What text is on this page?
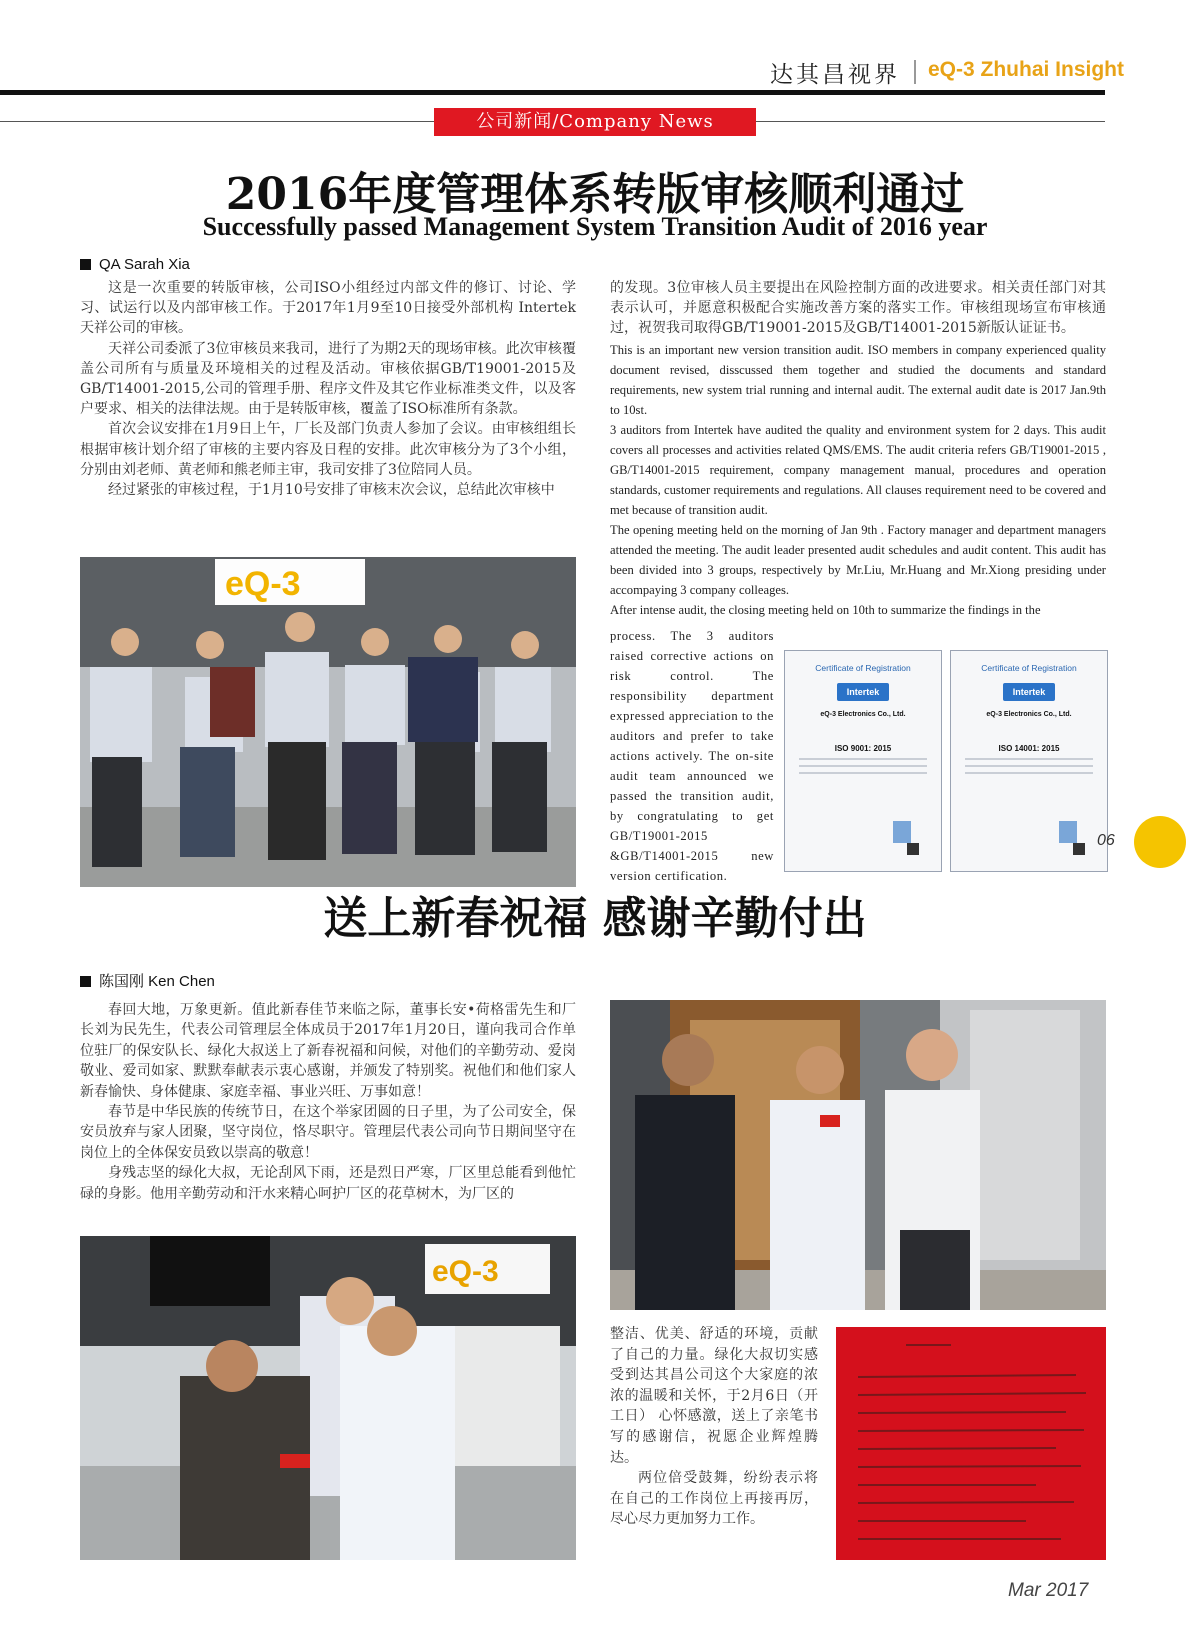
达其昌视界 eQ-3 Zhuhai Insight
公司新闻/Company News
2016年度管理体系转版审核顺利通过
Successfully passed Management System Transition Audit of 2016 year
QA Sarah Xia

这是一次重要的转版审核，公司ISO小组经过内部文件的修订、讨论、学习、试运行以及内部审核工作。于2017年1月9至10日接受外部机构 Intertek 天祥公司的审核。

天祥公司委派了3位审核员来我司，进行了为期2天的现场审核。此次审核覆盖公司所有与质量及环境相关的过程及活动。审核依据GB/T19001-2015及GB/T14001-2015,公司的管理手册、程序文件及其它作业标准类文件，以及客户要求、相关的法律法规。由于是转版审核，覆盖了ISO标准所有条款。

首次会议安排在1月9日上午，厂长及部门负责人参加了会议。由审核组组长根据审核计划介绍了审核的主要内容及日程的安排。此次审核分为了3个小组，分别由刘老师、黄老师和熊老师主审，我司安排了3位陪同人员。

经过紧张的审核过程，于1月10号安排了审核末次会议，总结此次审核中

eQ-3
的发现。3位审核人员主要提出在风险控制方面的改进要求。相关责任部门对其表示认可，并愿意积极配合实施改善方案的落实工作。审核组现场宣布审核通过，祝贺我司取得GB/T19001-2015及GB/T14001-2015新版认证证书。

This is an important new version transition audit. ISO members in company experienced quality document revised, disscussed them together and studied the documents and standard requirements, new system trial running and internal audit. The external audit date is 2017 Jan.9th to 10st.

3 auditors from Intertek have audited the quality and environment system for 2 days. This audit covers all processes and activities related QMS/EMS. The audit criteria refers GB/T19001-2015 , GB/T14001-2015 requirement, company management manual, procedures and operation standards, customer requirements and regulations. All clauses requirement need to be covered and met because of transition audit.

The opening meeting held on the morning of Jan 9th . Factory manager and department managers attended the meeting. The audit leader presented audit schedules and audit content. This audit has been divided into 3 groups, respectively by Mr.Liu, Mr.Huang and Mr.Xiong presiding under accompaying 3 company colleages.

After intense audit, the closing meeting held on 10th to summarize the findings in the

process. The 3 auditors raised corrective actions on risk control. The responsibility department expressed appreciation to the auditors and prefer to take actions actively. The on-site audit team announced we passed the transition audit, by congratulating to get GB/T19001-2015 &GB/T14001-2015 new version certification.
Certificate of Registration
Intertek
eQ-3 Electronics Co., Ltd.
ISO 9001: 2015
Certificate of Registration
Intertek
eQ-3 Electronics Co., Ltd.
ISO 14001: 2015
06
送上新春祝福 感谢辛勤付出
陈国刚 Ken Chen

春回大地，万象更新。值此新春佳节来临之际，董事长安•荷格雷先生和厂长刘为民先生，代表公司管理层全体成员于2017年1月20日，谨向我司合作单位驻厂的保安队长、绿化大叔送上了新春祝福和问候，对他们的辛勤劳动、爱岗敬业、爱司如家、默默奉献表示衷心感谢，并颁发了特别奖。祝他们和他们家人新春愉快、身体健康、家庭幸福、事业兴旺、万事如意！

春节是中华民族的传统节日，在这个举家团圆的日子里，为了公司安全，保安员放弃与家人团聚，坚守岗位，恪尽职守。管理层代表公司向节日期间坚守在岗位上的全体保安员致以崇高的敬意！

身残志坚的绿化大叔，无论刮风下雨，还是烈日严寒，厂区里总能看到他忙碌的身影。他用辛勤劳动和汗水来精心呵护厂区的花草树木，为厂区的

eQ-3

整洁、优美、舒适的环境，贡献了自己的力量。绿化大叔切实感受到达其昌公司这个大家庭的浓浓的温暖和关怀，于2月6日（开工日） 心怀感激，送上了亲笔书写的感谢信，祝愿企业辉煌腾达。

两位倍受鼓舞，纷纷表示将在自己的工作岗位上再接再厉，尽心尽力更加努力工作。

Mar 2017
